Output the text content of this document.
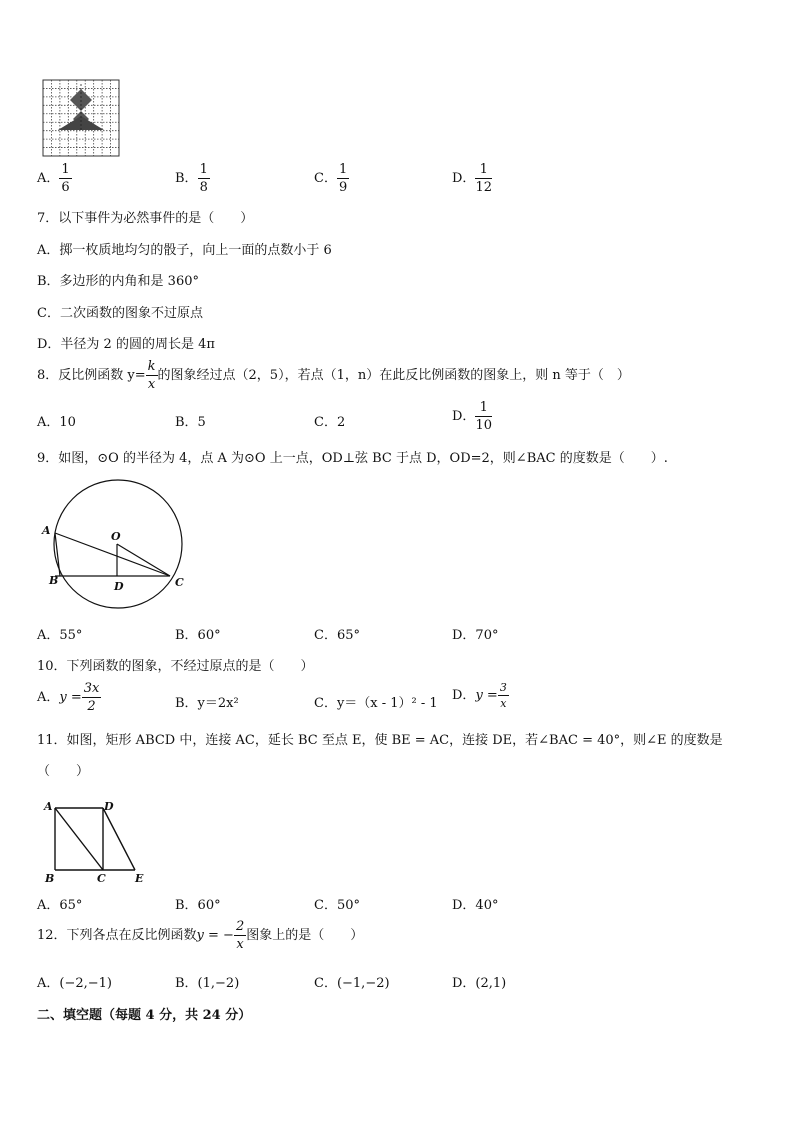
A． $\frac{1}{6}$	B． $\frac{1}{8}$	C． $\frac{1}{9}$	D． $\frac{1}{12}$
7．以下事件为必然事件的是（　　）
A．掷一枚质地均匀的骰子，向上一面的点数小于 6
B．多边形的内角和是 360°
C．二次函数的图象不过原点
D．半径为 2 的圆的周长是 4π
8．反比例函数 $y= \frac{k}{x}$ 的图象经过点（2，5），若点（1，n）在此反比例函数的图象上，则 n 等于（　）
A．10	B．5	C．2	D． $\frac{1}{10}$
9．如图，⊙O 的半径为 4，点 A 为⊙O 上一点，OD⊥弦 BC 于点 D，OD=2，则∠BAC 的度数是（　　）.
A	O
B	D	C
A．55°	B．60°	C．65°	D．70°
10．下列函数的图象，不经过原点的是（　　）
A．$y = \frac{3x}{2}$	B．y＝2x²	C．y＝（x - 1）² - 1
D．$y = \frac{3}{x}$
11．如图，矩形 ABCD 中，连接 AC，延长 BC 至点 E，使 BE = AC，连接 DE，若∠BAC = 40°，则∠E 的度数是
（　　）
A	D
B	C	E
A．65°	B．60°	C．50°	D．40°
12．下列各点在反比例函数y = − $\frac{2}{x}$ 图象上的是（　　）
A．(−2,−1)	B．(1,−2)	C．(−1,−2)	D．(2,1)
二、填空题（每题 4 分，共 24 分）
